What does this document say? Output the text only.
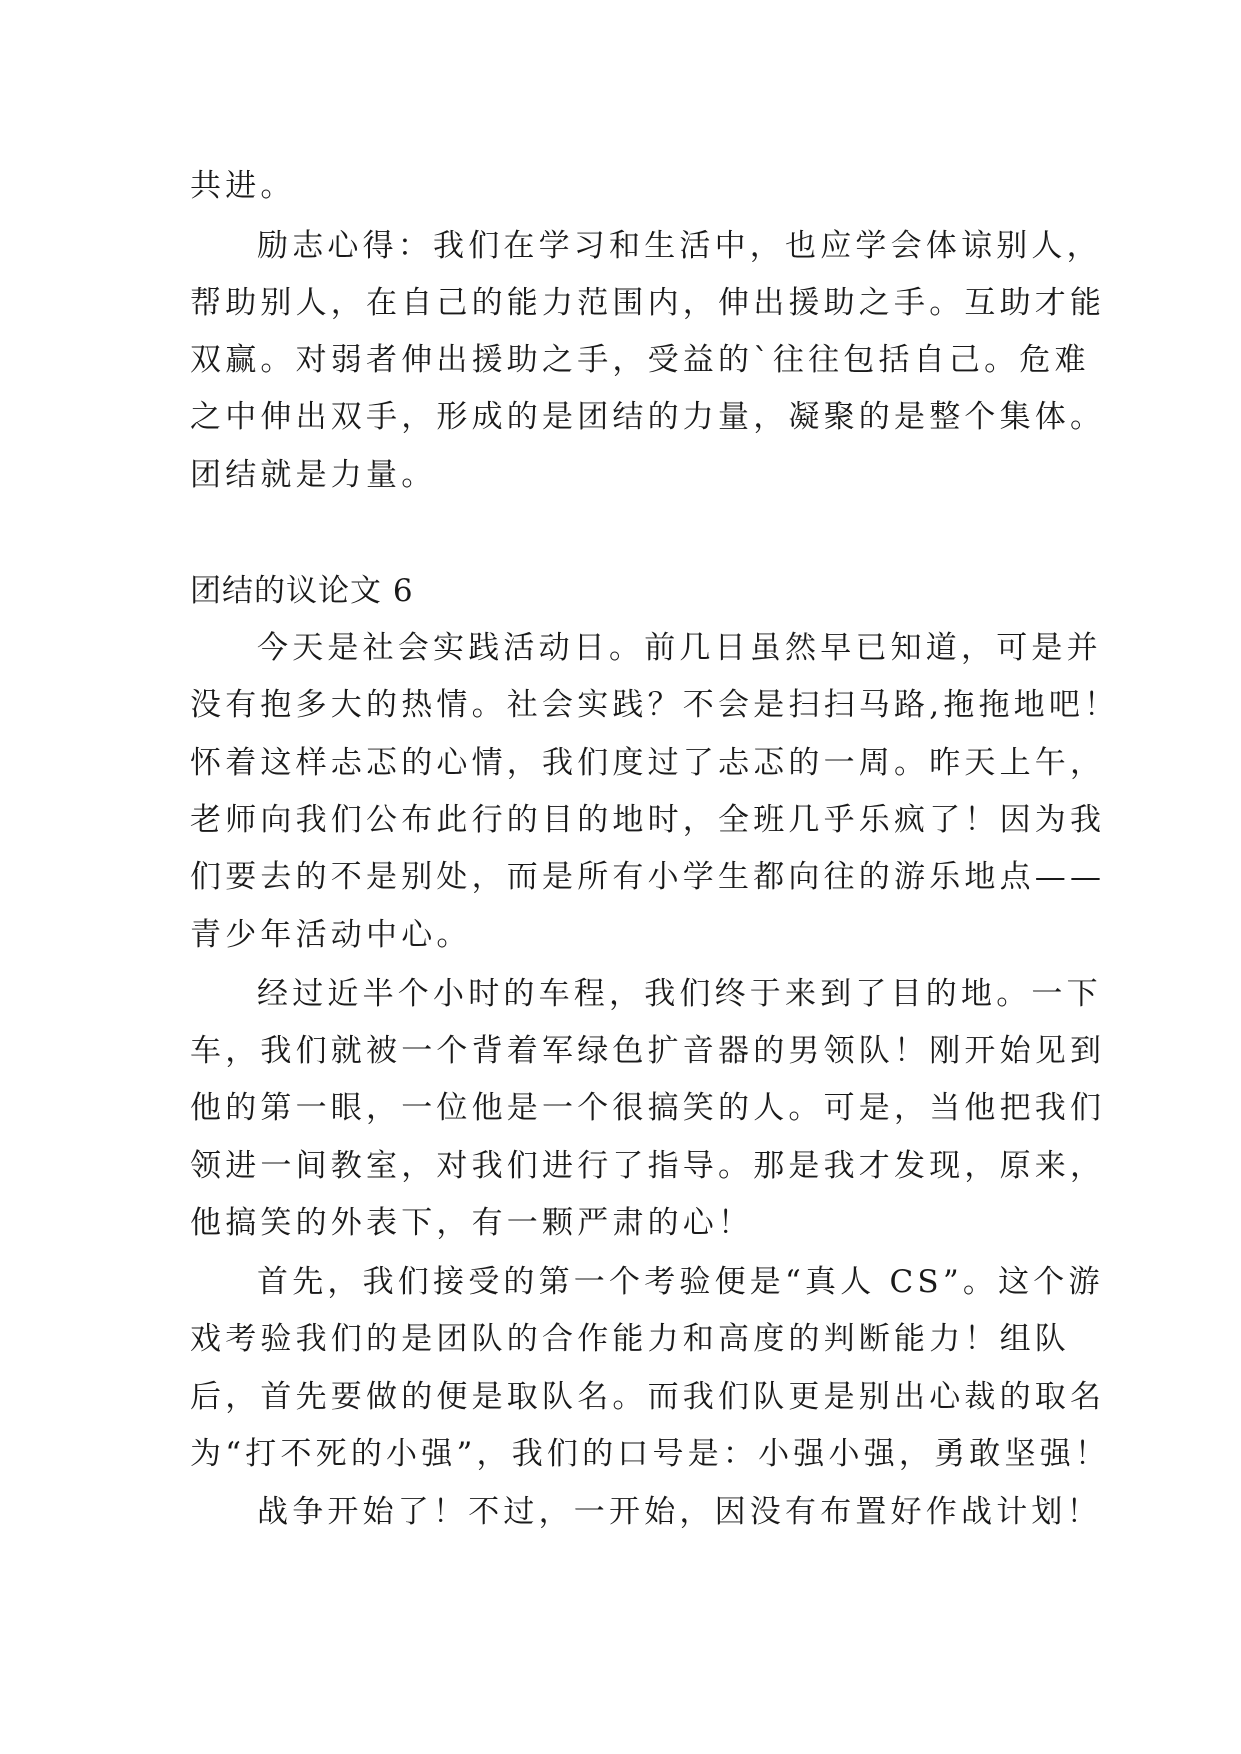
共进。
励志心得：我们在学习和生活中，也应学会体谅别人，
帮助别人，在自己的能力范围内，伸出援助之手。互助才能
双赢。对弱者伸出援助之手，受益的`往往包括自己。危难
之中伸出双手，形成的是团结的力量，凝聚的是整个集体。
团结就是力量。
团结的议论文 6
今天是社会实践活动日。前几日虽然早已知道，可是并
没有抱多大的热情。社会实践？不会是扫扫马路,拖拖地吧！
怀着这样忐忑的心情，我们度过了忐忑的一周。昨天上午，
老师向我们公布此行的目的地时，全班几乎乐疯了！因为我
们要去的不是别处，而是所有小学生都向往的游乐地点——
青少年活动中心。
经过近半个小时的车程，我们终于来到了目的地。一下
车，我们就被一个背着军绿色扩音器的男领队！刚开始见到
他的第一眼，一位他是一个很搞笑的人。可是，当他把我们
领进一间教室，对我们进行了指导。那是我才发现，原来，
他搞笑的外表下，有一颗严肃的心！
首先，我们接受的第一个考验便是“真人 CS”。这个游
戏考验我们的是团队的合作能力和高度的判断能力！组队
后，首先要做的便是取队名。而我们队更是别出心裁的取名
为“打不死的小强”，我们的口号是：小强小强，勇敢坚强！
战争开始了！不过，一开始，因没有布置好作战计划！
